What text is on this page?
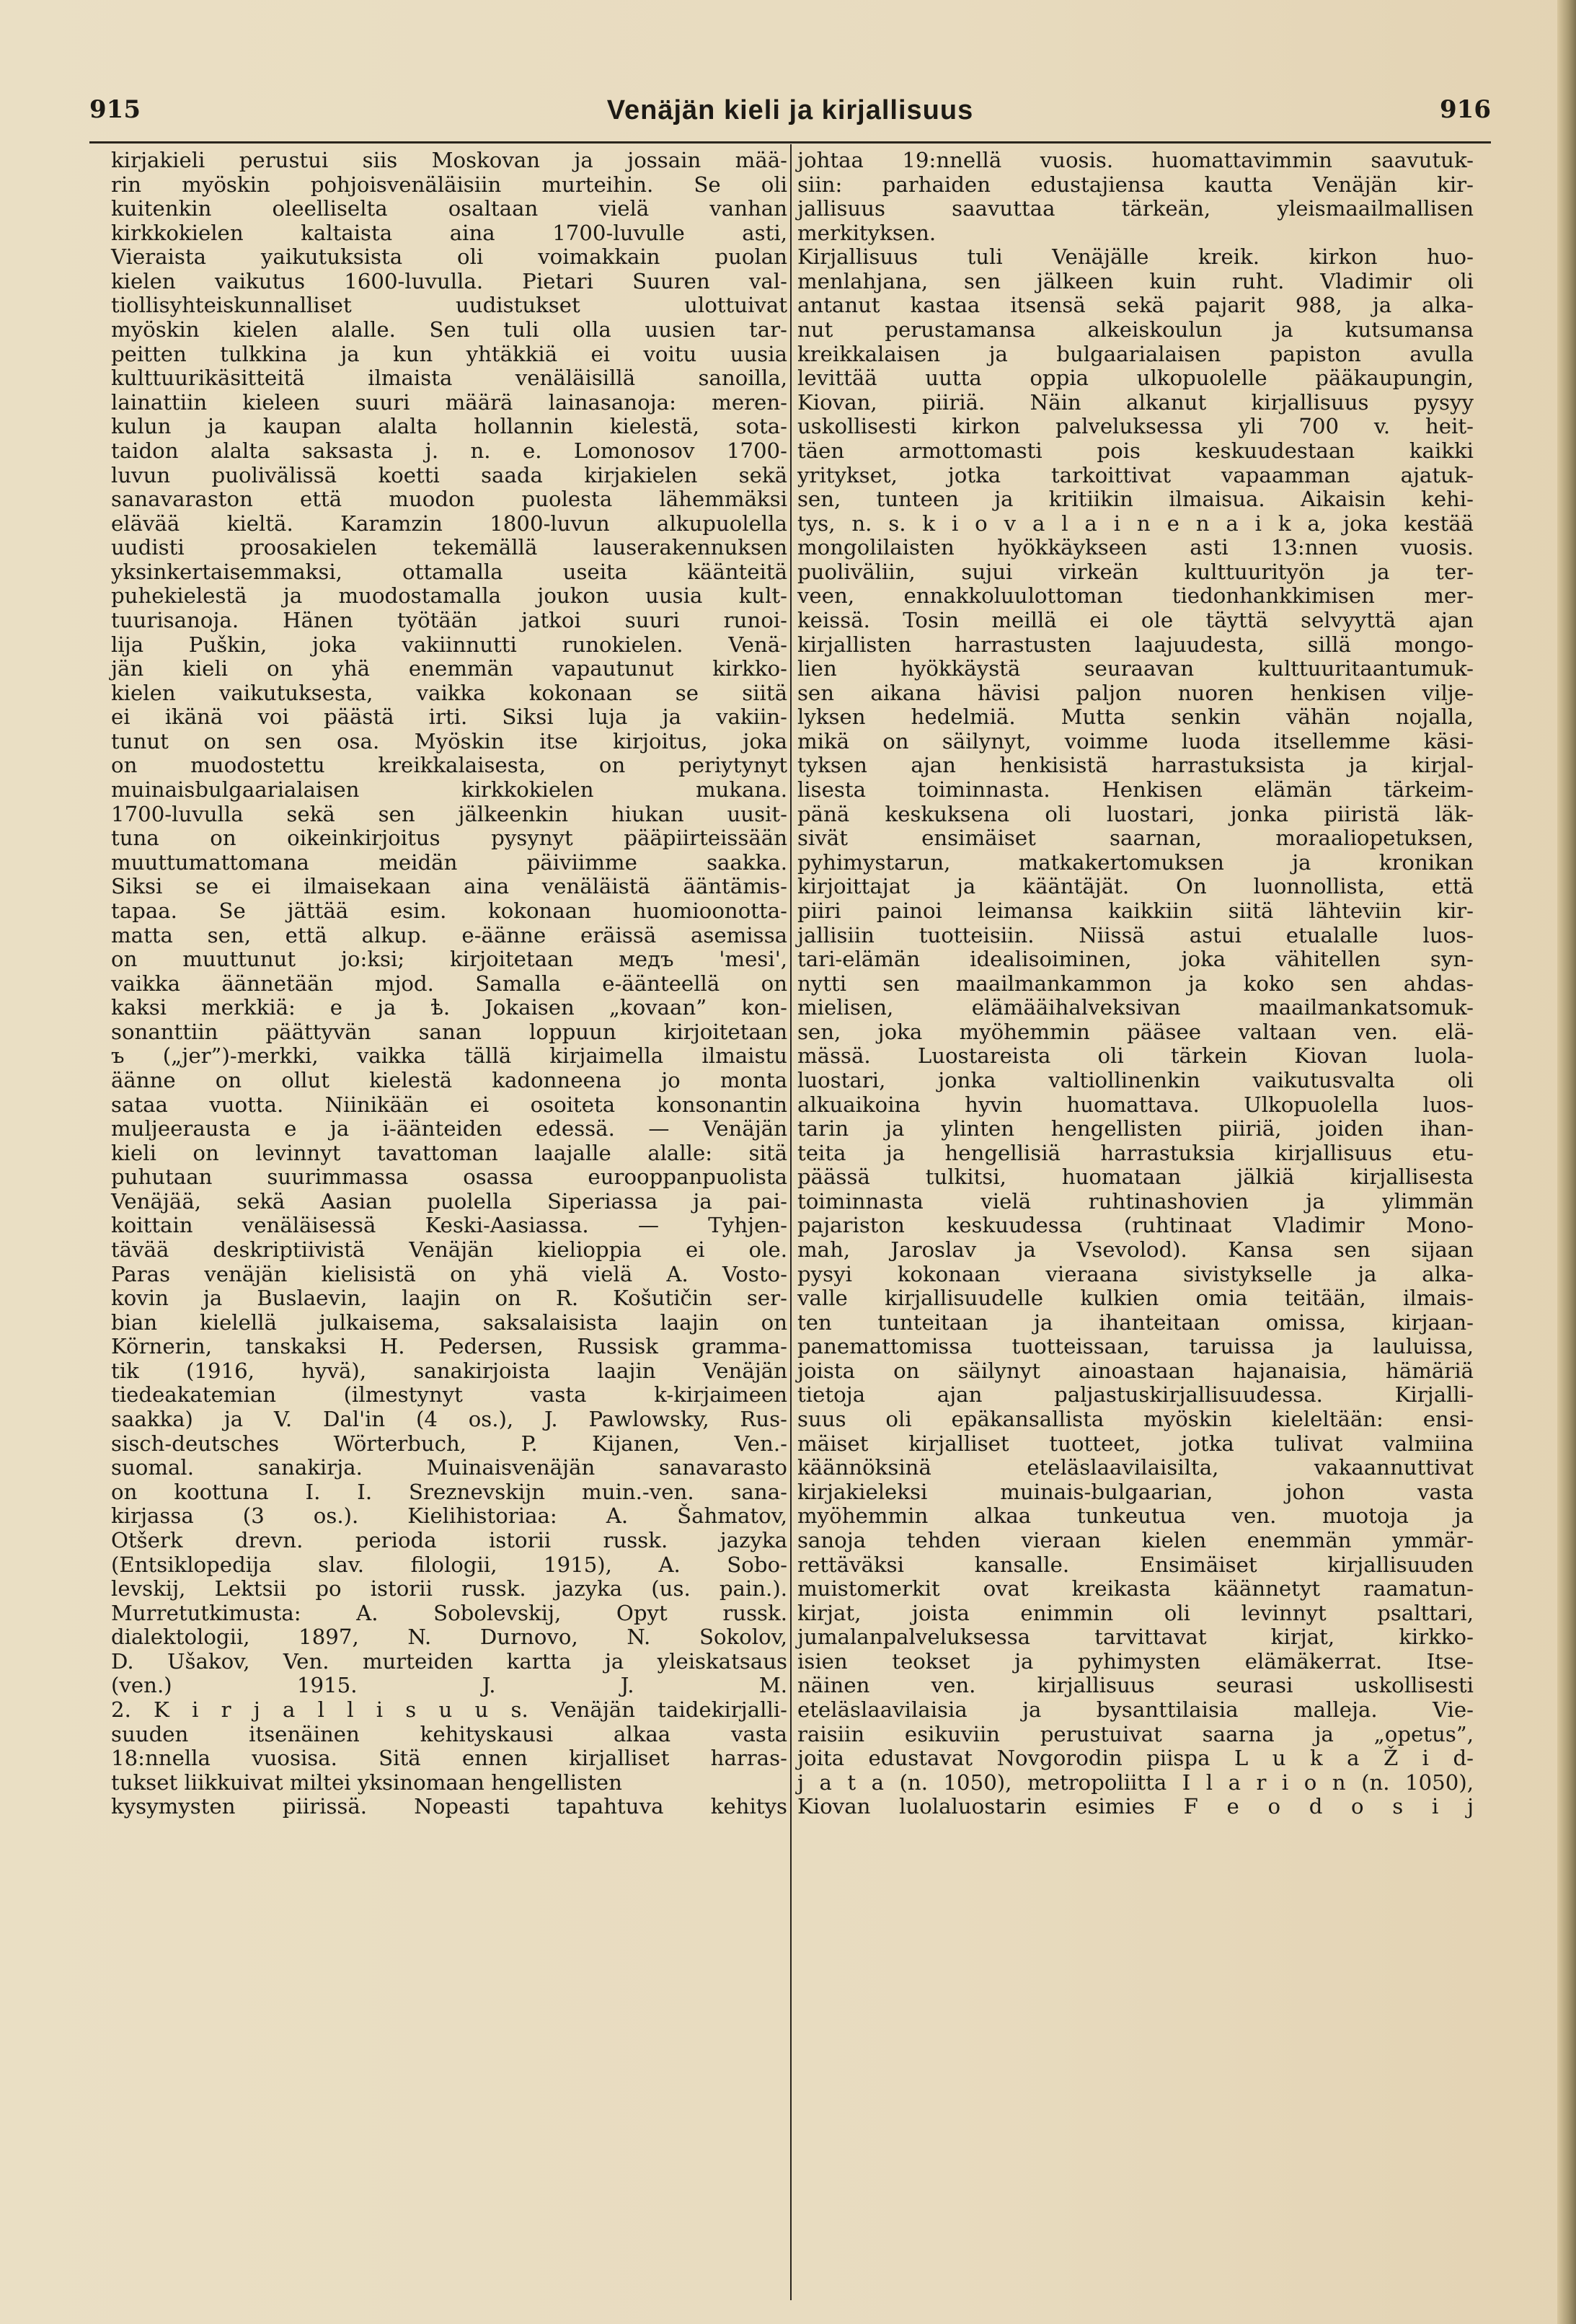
915	Venäjän kieli ja kirjallisuus	916
kirjakieli perustui siis Moskovan ja jossain mää-
rin myöskin pohjoisvenäläisiin murteihin. Se oli
kuitenkin oleelliselta osaltaan vielä vanhan
kirkkokielen kaltaista aina 1700-luvulle asti,
Vieraista yaikutuksista oli voimakkain puolan
kielen vaikutus 1600-luvulla. Pietari Suuren val-
tiollisyhteiskunnalliset uudistukset ulottuivat
myöskin kielen alalle. Sen tuli olla uusien tar-
peitten tulkkina ja kun yhtäkkiä ei voitu uusia
kulttuurikäsitteitä ilmaista venäläisillä sanoilla,
lainattiin kieleen suuri määrä lainasanoja: meren-
kulun ja kaupan alalta hollannin kielestä, sota-
taidon alalta saksasta j. n. e. Lomonosov 1700-
luvun puolivälissä koetti saada kirjakielen sekä
sanavaraston että muodon puolesta lähemmäksi
elävää kieltä. Karamzin 1800-luvun alkupuolella
uudisti proosakielen tekemällä lauserakennuksen
yksinkertaisemmaksi, ottamalla useita käänteitä
puhekielestä ja muodostamalla joukon uusia kult-
tuurisanoja. Hänen työtään jatkoi suuri runoi-
lija Puškin, joka vakiinnutti runokielen. Venä-
jän kieli on yhä enemmän vapautunut kirkko-
kielen vaikutuksesta, vaikka kokonaan se siitä
ei ikänä voi päästä irti. Siksi luja ja vakiin-
tunut on sen osa. Myöskin itse kirjoitus, joka
on muodostettu kreikkalaisesta, on periytynyt
muinaisbulgaarialaisen kirkkokielen mukana.
1700-luvulla sekä sen jälkeenkin hiukan uusit-
tuna on oikeinkirjoitus pysynyt pääpiirteissään
muuttumattomana meidän päiviimme saakka.
Siksi se ei ilmaisekaan aina venäläistä ääntämis-
tapaa. Se jättää esim. kokonaan huomioonotta-
matta sen, että alkup. e-äänne eräissä asemissa
on muuttunut jo:ksi; kirjoitetaan медъ 'mesi',
vaikka äännetään mjod. Samalla e-äänteellä on
kaksi merkkiä: e ja ѣ. Jokaisen „kovaan” kon-
sonanttiin päättyvän sanan loppuun kirjoitetaan
ъ („jer”)-merkki, vaikka tällä kirjaimella ilmaistu
äänne on ollut kielestä kadonneena jo monta
sataa vuotta. Niinikään ei osoiteta konsonantin
muljeerausta e ja i-äänteiden edessä. — Venäjän
kieli on levinnyt tavattoman laajalle alalle: sitä
puhutaan suurimmassa osassa eurooppanpuolista
Venäjää, sekä Aasian puolella Siperiassa ja pai-
koittain venäläisessä Keski-Aasiassa. — Tyhjen-
tävää deskriptiivistä Venäjän kielioppia ei ole.
Paras venäjän kielisistä on yhä vielä A. Vosto-
kovin ja Buslaevin, laajin on R. Košutičin ser-
bian kielellä julkaisema, saksalaisista laajin on
Körnerin, tanskaksi H. Pedersen, Russisk gramma-
tik (1916, hyvä), sanakirjoista laajin Venäjän
tiedeakatemian (ilmestynyt vasta k-kirjaimeen
saakka) ja V. Dal'in (4 os.), J. Pawlowsky, Rus-
sisch-deutsches Wörterbuch, P. Kijanen, Ven.-
suomal. sanakirja. Muinaisvenäjän sanavarasto
on koottuna I. I. Sreznevskijn muin.-ven. sana-
kirjassa (3 os.). Kielihistoriaa: A. Šahmatov,
Otšerk drevn. perioda istorii russk. jazyka
(Entsiklopedija slav. filologii, 1915), A. Sobo-
levskij, Lektsii po istorii russk. jazyka (us. pain.).
Murretutkimusta: A. Sobolevskij, Opyt russk.
dialektologii, 1897, N. Durnovo, N. Sokolov,
D. Ušakov, Ven. murteiden kartta ja yleiskatsaus
(ven.) 1915. J. J. M.
2. K i r j a l l i s u u s. Venäjän taidekirjalli-
suuden itsenäinen kehityskausi alkaa vasta
18:nnella vuosisa. Sitä ennen kirjalliset harras-
tukset liikkuivat miltei yksinomaan hengellisten
kysymysten piirissä. Nopeasti tapahtuva kehitys
johtaa 19:nnellä vuosis. huomattavimmin saavutuk-
siin: parhaiden edustajiensa kautta Venäjän kir-
jallisuus saavuttaa tärkeän, yleismaailmallisen
merkityksen.
Kirjallisuus tuli Venäjälle kreik. kirkon huo-
menlahjana, sen jälkeen kuin ruht. Vladimir oli
antanut kastaa itsensä sekä pajarit 988, ja alka-
nut perustamansa alkeiskoulun ja kutsumansa
kreikkalaisen ja bulgaarialaisen papiston avulla
levittää uutta oppia ulkopuolelle pääkaupungin,
Kiovan, piiriä. Näin alkanut kirjallisuus pysyy
uskollisesti kirkon palveluksessa yli 700 v. heit-
täen armottomasti pois keskuudestaan kaikki
yritykset, jotka tarkoittivat vapaamman ajatuk-
sen, tunteen ja kritiikin ilmaisua. Aikaisin kehi-
tys, n. s. k i o v a l a i n e n a i k a, joka kestää
mongolilaisten hyökkäykseen asti 13:nnen vuosis.
puoliväliin, sujui virkeän kulttuurityön ja ter-
veen, ennakkoluulottoman tiedonhankkimisen mer-
keissä. Tosin meillä ei ole täyttä selvyyttä ajan
kirjallisten harrastusten laajuudesta, sillä mongo-
lien hyökkäystä seuraavan kulttuuritaantumuk-
sen aikana hävisi paljon nuoren henkisen vilje-
lyksen hedelmiä. Mutta senkin vähän nojalla,
mikä on säilynyt, voimme luoda itsellemme käsi-
tyksen ajan henkisistä harrastuksista ja kirjal-
lisesta toiminnasta. Henkisen elämän tärkeim-
pänä keskuksena oli luostari, jonka piiristä läk-
sivät ensimäiset saarnan, moraaliopetuksen,
pyhimystarun, matkakertomuksen ja kronikan
kirjoittajat ja kääntäjät. On luonnollista, että
piiri painoi leimansa kaikkiin siitä lähteviin kir-
jallisiin tuotteisiin. Niissä astui etualalle luos-
tari-elämän idealisoiminen, joka vähitellen syn-
nytti sen maailmankammon ja koko sen ahdas-
mielisen, elämääihalveksivan maailmankatsomuk-
sen, joka myöhemmin pääsee valtaan ven. elä-
mässä. Luostareista oli tärkein Kiovan luola-
luostari, jonka valtiollinenkin vaikutusvalta oli
alkuaikoina hyvin huomattava. Ulkopuolella luos-
tarin ja ylinten hengellisten piiriä, joiden ihan-
teita ja hengellisiä harrastuksia kirjallisuus etu-
päässä tulkitsi, huomataan jälkiä kirjallisesta
toiminnasta vielä ruhtinashovien ja ylimmän
pajariston keskuudessa (ruhtinaat Vladimir Mono-
mah, Jaroslav ja Vsevolod). Kansa sen sijaan
pysyi kokonaan vieraana sivistykselle ja alka-
valle kirjallisuudelle kulkien omia teitään, ilmais-
ten tunteitaan ja ihanteitaan omissa, kirjaan-
panemattomissa tuotteissaan, taruissa ja lauluissa,
joista on säilynyt ainoastaan hajanaisia, hämäriä
tietoja ajan paljastuskirjallisuudessa. Kirjalli-
suus oli epäkansallista myöskin kieleltään: ensi-
mäiset kirjalliset tuotteet, jotka tulivat valmiina
käännöksinä eteläslaavilaisilta, vakaannuttivat
kirjakieleksi muinais-bulgaarian, johon vasta
myöhemmin alkaa tunkeutua ven. muotoja ja
sanoja tehden vieraan kielen enemmän ymmär-
rettäväksi kansalle. Ensimäiset kirjallisuuden
muistomerkit ovat kreikasta käännetyt raamatun-
kirjat, joista enimmin oli levinnyt psalttari,
jumalanpalveluksessa tarvittavat kirjat, kirkko-
isien teokset ja pyhimysten elämäkerrat. Itse-
näinen ven. kirjallisuus seurasi uskollisesti
eteläslaavilaisia ja bysanttilaisia malleja. Vie-
raisiin esikuviin perustuivat saarna ja „opetus”,
joita edustavat Novgorodin piispa L u k a Ž i d-
j a t a (n. 1050), metropoliitta I l a r i o n (n. 1050),
Kiovan luolaluostarin esimies F e o d o s i j
